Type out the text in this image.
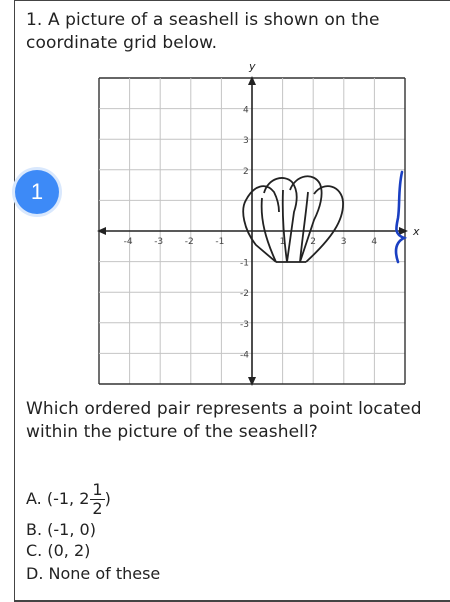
1. A picture of a seashell is shown on the
coordinate grid below.
1
x
y
-4 -3 -2 -1	1	2	3	4
4
3
2
-1
-2
-3
-4
Which ordered pair represents a point located
within the picture of the seashell?
A. (-1, $2 \frac{1}{2}$ )
B. (-1, 0)
C. (0, 2)
D. None of these
